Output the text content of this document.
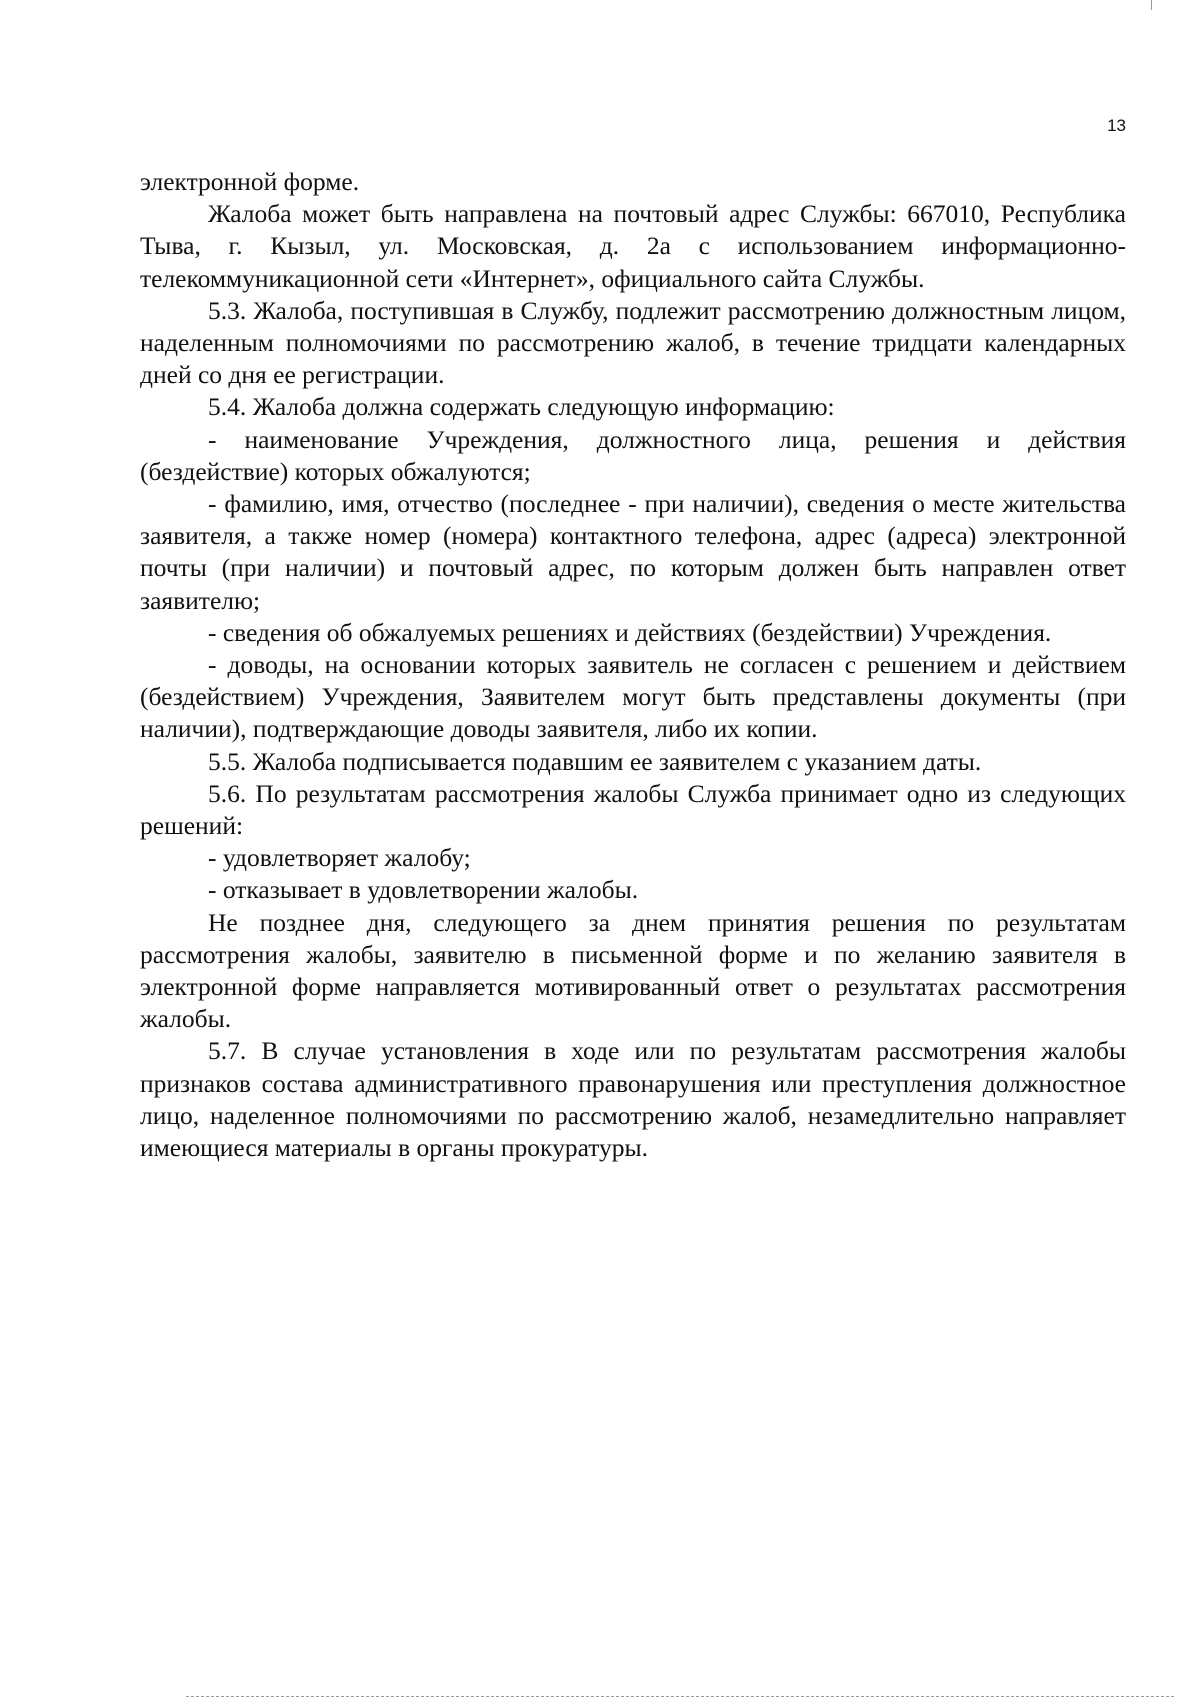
13

электронной форме.

Жалоба может быть направлена на почтовый адрес Службы: 667010, Республика Тыва, г. Кызыл, ул. Московская, д. 2а с использованием информационно-телекоммуникационной сети «Интернет», официального сайта Службы.

5.3. Жалоба, поступившая в Службу, подлежит рассмотрению должностным лицом, наделенным полномочиями по рассмотрению жалоб, в течение тридцати календарных дней со дня ее регистрации.

5.4. Жалоба должна содержать следующую информацию:

- наименование Учреждения, должностного лица, решения и действия (бездействие) которых обжалуются;

- фамилию, имя, отчество (последнее - при наличии), сведения о месте жительства заявителя, а также номер (номера) контактного телефона, адрес (адреса) электронной почты (при наличии) и почтовый адрес, по которым должен быть направлен ответ заявителю;

- сведения об обжалуемых решениях и действиях (бездействии) Учреждения.

- доводы, на основании которых заявитель не согласен с решением и действием (бездействием) Учреждения, Заявителем могут быть представлены документы (при наличии), подтверждающие доводы заявителя, либо их копии.

5.5. Жалоба подписывается подавшим ее заявителем с указанием даты.

5.6. По результатам рассмотрения жалобы Служба принимает одно из следующих решений:

- удовлетворяет жалобу;

- отказывает в удовлетворении жалобы.

Не позднее дня, следующего за днем принятия решения по результатам рассмотрения жалобы, заявителю в письменной форме и по желанию заявителя в электронной форме направляется мотивированный ответ о результатах рассмотрения жалобы.

5.7. В случае установления в ходе или по результатам рассмотрения жалобы признаков состава административного правонарушения или преступления должностное лицо, наделенное полномочиями по рассмотрению жалоб, незамедлительно направляет имеющиеся материалы в органы прокуратуры.
